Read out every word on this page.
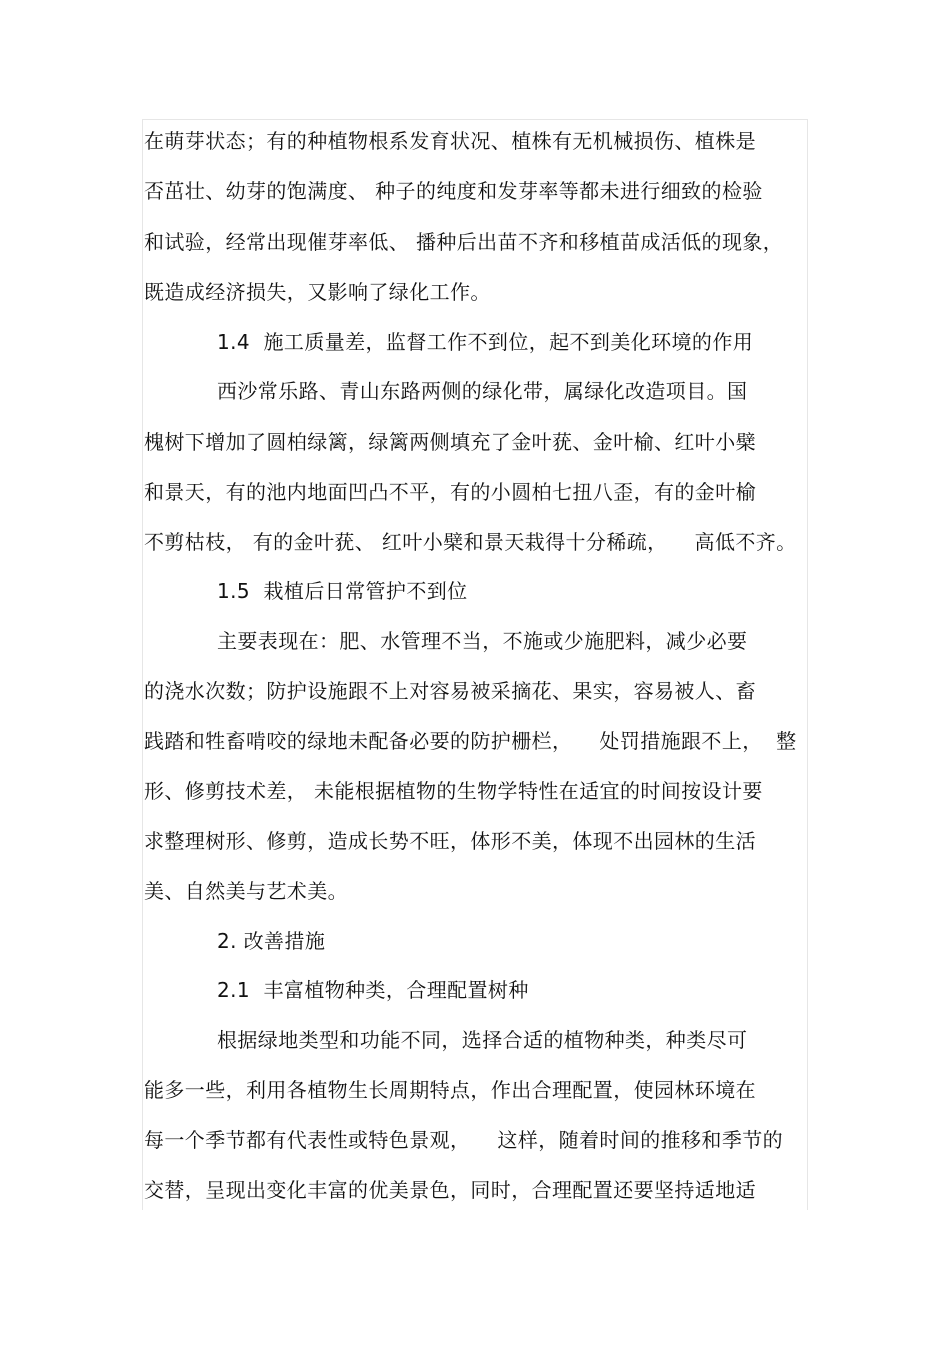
在萌芽状态；有的种植物根系发育状况、植株有无机械损伤、植株是
否茁壮、幼芽的饱满度、 种子的纯度和发芽率等都未进行细致的检验
和试验，经常出现催芽率低、 播种后出苗不齐和移植苗成活低的现象，
既造成经济损失，又影响了绿化工作。
1.4  施工质量差，监督工作不到位，起不到美化环境的作用
西沙常乐路、青山东路两侧的绿化带，属绿化改造项目。国
槐树下增加了圆柏绿篱，绿篱两侧填充了金叶莸、金叶榆、红叶小檗
和景天，有的池内地面凹凸不平，有的小圆柏七扭八歪，有的金叶榆
不剪枯枝， 有的金叶莸、 红叶小檗和景天栽得十分稀疏，    高低不齐。
1.5  栽植后日常管护不到位
主要表现在：肥、水管理不当，不施或少施肥料，减少必要
的浇水次数；防护设施跟不上对容易被采摘花、果实，容易被人、畜
践踏和牲畜啃咬的绿地未配备必要的防护栅栏，    处罚措施跟不上，  整
形、修剪技术差， 未能根据植物的生物学特性在适宜的时间按设计要
求整理树形、修剪，造成长势不旺，体形不美，体现不出园林的生活
美、自然美与艺术美。
2. 改善措施
2.1  丰富植物种类，合理配置树种
根据绿地类型和功能不同，选择合适的植物种类，种类尽可
能多一些，利用各植物生长周期特点，作出合理配置，使园林环境在
每一个季节都有代表性或特色景观，    这样，随着时间的推移和季节的
交替，呈现出变化丰富的优美景色，同时，合理配置还要坚持适地适
